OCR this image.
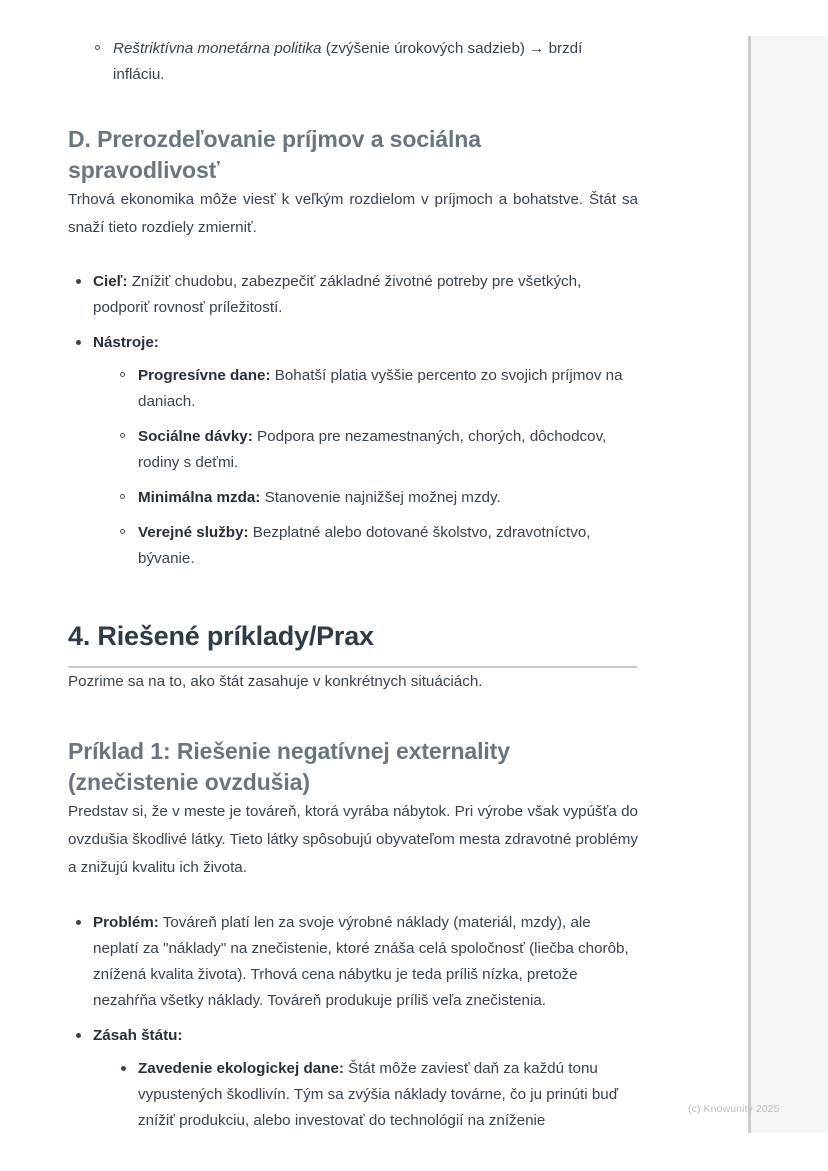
Reštriktívna monetárna politika (zvýšenie úrokových sadzieb) → brzdí infláciu.
D. Prerozdeľovanie príjmov a sociálna spravodlivosť

Trhová ekonomika môže viesť k veľkým rozdielom v príjmoch a bohatstve. Štát sa snaží tieto rozdiely zmierniť.

Cieľ: Znížiť chudobu, zabezpečiť základné životné potreby pre všetkých, podporiť rovnosť príležitostí.
Nástroje:
Progresívne dane: Bohatší platia vyššie percento zo svojich príjmov na daniach.
Sociálne dávky: Podpora pre nezamestnaných, chorých, dôchodcov, rodiny s deťmi.
Minimálna mzda: Stanovenie najnižšej možnej mzdy.
Verejné služby: Bezplatné alebo dotované školstvo, zdravotníctvo, bývanie.
4. Riešené príklady/Prax

Pozrime sa na to, ako štát zasahuje v konkrétnych situáciách.

Príklad 1: Riešenie negatívnej externality (znečistenie ovzdušia)

Predstav si, že v meste je továreň, ktorá vyrába nábytok. Pri výrobe však vypúšťa do ovzdušia škodlivé látky. Tieto látky spôsobujú obyvateľom mesta zdravotné problémy a znižujú kvalitu ich života.

Problém: Továreň platí len za svoje výrobné náklady (materiál, mzdy), ale neplatí za "náklady" na znečistenie, ktoré znáša celá spoločnosť (liečba chorôb, znížená kvalita života). Trhová cena nábytku je teda príliš nízka, pretože nezahŕňa všetky náklady. Továreň produkuje príliš veľa znečistenia.
Zásah štátu:
Zavedenie ekologickej dane: Štát môže zaviesť daň za každú tonu vypustených škodlivín. Tým sa zvýšia náklady továrne, čo ju prinúti buď znížiť produkciu, alebo investovať do technológií na zníženie
(c) Knowunity 2025
